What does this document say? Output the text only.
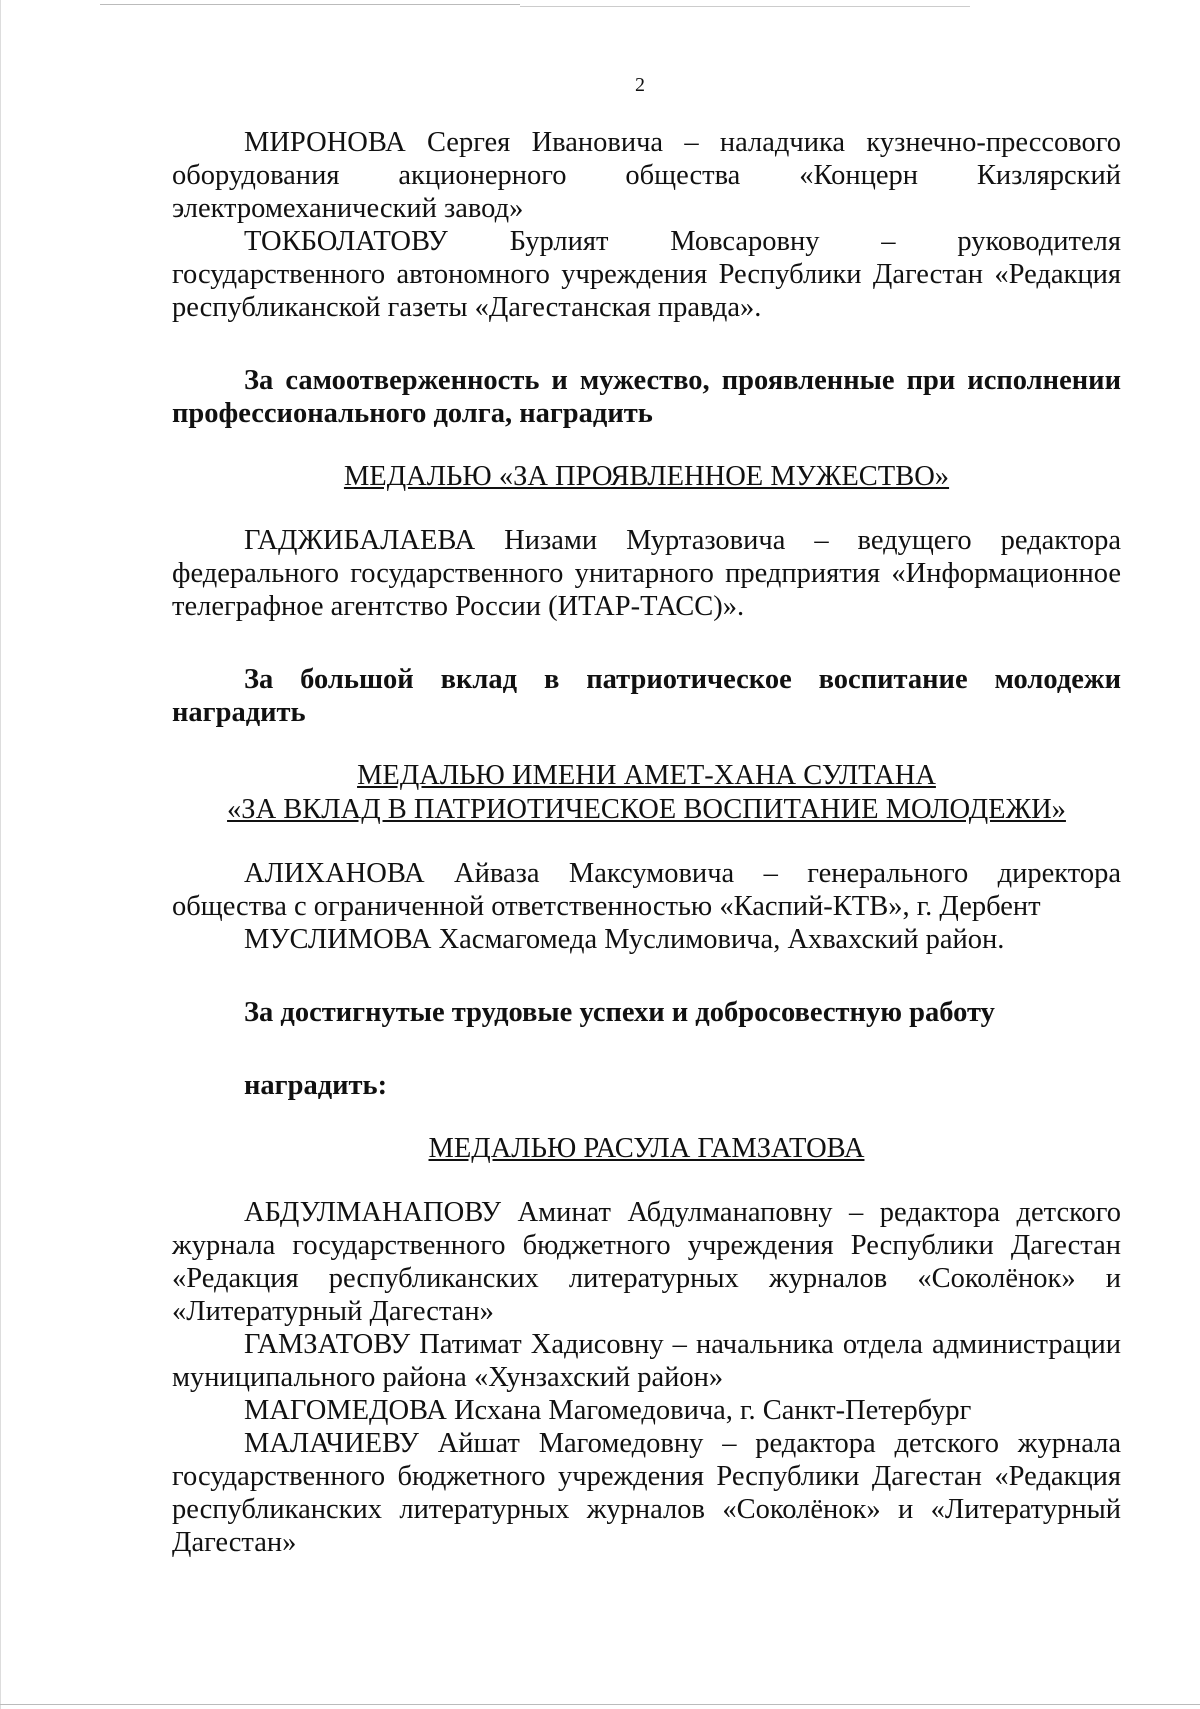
2

МИРОНОВА Сергея Ивановича – наладчика кузнечно-прессового оборудования акционерного общества «Концерн Кизлярский электромеханический завод»

ТОКБОЛАТОВУ Бурлият Мовсаровну – руководителя государственного автономного учреждения Республики Дагестан «Редакция республиканской газеты «Дагестанская правда».

За самоотверженность и мужество, проявленные при исполнении профессионального долга, наградить

МЕДАЛЬЮ «ЗА ПРОЯВЛЕННОЕ МУЖЕСТВО»

ГАДЖИБАЛАЕВА Низами Муртазовича – ведущего редактора федерального государственного унитарного предприятия «Информационное телеграфное агентство России (ИТАР-ТАСС)».

За большой вклад в патриотическое воспитание молодежи наградить

МЕДАЛЬЮ ИМЕНИ АМЕТ-ХАНА СУЛТАНА

«ЗА ВКЛАД В ПАТРИОТИЧЕСКОЕ ВОСПИТАНИЕ МОЛОДЕЖИ»

АЛИХАНОВА Айваза Максумовича – генерального директора общества с ограниченной ответственностью «Каспий-КТВ», г. Дербент

МУСЛИМОВА Хасмагомеда Муслимовича, Ахвахский район.

За достигнутые трудовые успехи и добросовестную работу

наградить:

МЕДАЛЬЮ РАСУЛА ГАМЗАТОВА

АБДУЛМАНАПОВУ Аминат Абдулманаповну – редактора детского журнала государственного бюджетного учреждения Республики Дагестан «Редакция республиканских литературных журналов «Соколёнок» и «Литературный Дагестан»

ГАМЗАТОВУ Патимат Хадисовну – начальника отдела администрации муниципального района «Хунзахский район»

МАГОМЕДОВА Исхана Магомедовича, г. Санкт-Петербург

МАЛАЧИЕВУ Айшат Магомедовну – редактора детского журнала государственного бюджетного учреждения Республики Дагестан «Редакция республиканских литературных журналов «Соколёнок» и «Литературный Дагестан»
